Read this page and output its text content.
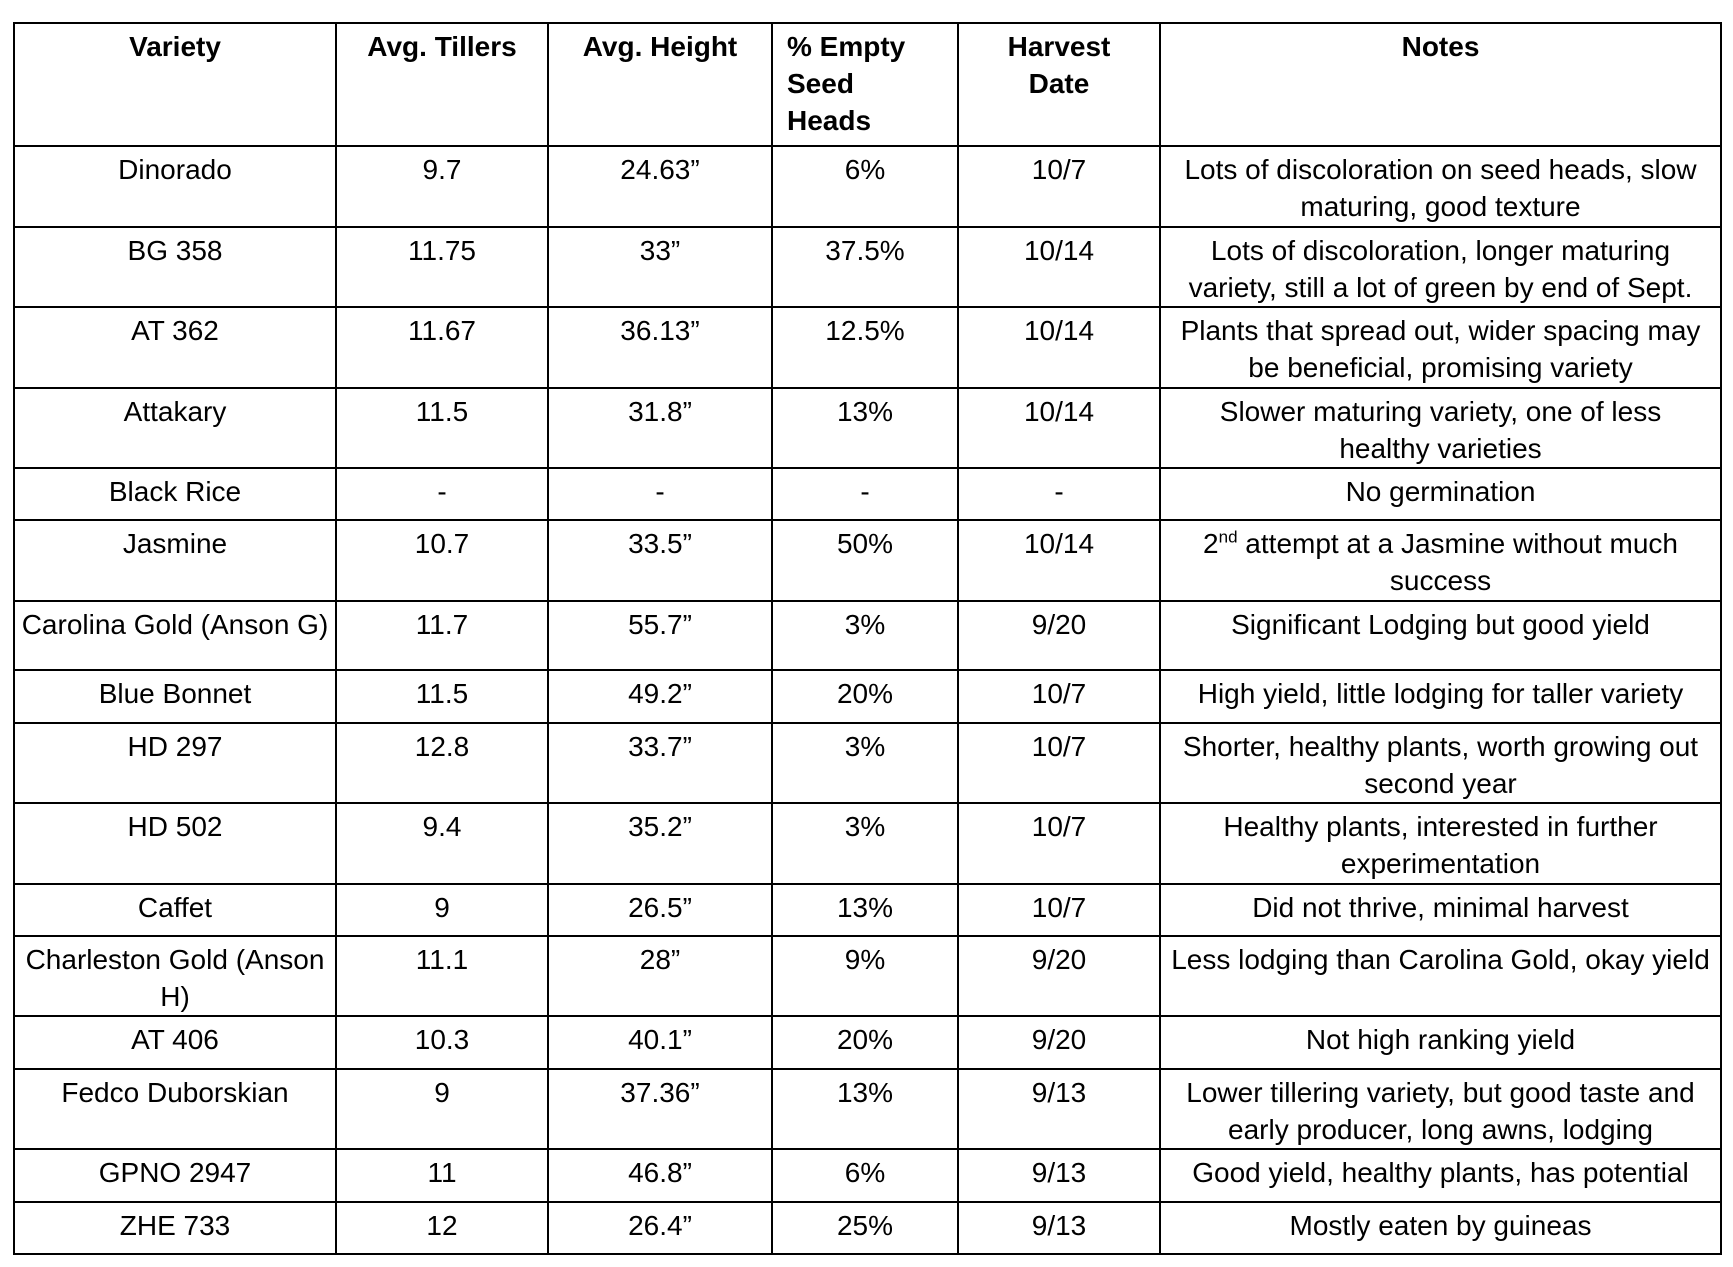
Variety	Avg. Tillers	Avg. Height	% Empty Seed Heads	Harvest Date	Notes
Dinorado	9.7	24.63”	6%	10/7	Lots of discoloration on seed heads, slow maturing, good texture
BG 358	11.75	33”	37.5%	10/14	Lots of discoloration, longer maturing variety, still a lot of green by end of Sept.
AT 362	11.67	36.13”	12.5%	10/14	Plants that spread out, wider spacing may be beneficial, promising variety
Attakary	11.5	31.8”	13%	10/14	Slower maturing variety, one of less healthy varieties
Black Rice	-	-	-	-	No germination
Jasmine	10.7	33.5”	50%	10/14	2nd attempt at a Jasmine without much success
Carolina Gold (Anson G)	11.7	55.7”	3%	9/20	Significant Lodging but good yield
Blue Bonnet	11.5	49.2”	20%	10/7	High yield, little lodging for taller variety
HD 297	12.8	33.7”	3%	10/7	Shorter, healthy plants, worth growing out second year
HD 502	9.4	35.2”	3%	10/7	Healthy plants, interested in further experimentation
Caffet	9	26.5”	13%	10/7	Did not thrive, minimal harvest
Charleston Gold (Anson H)	11.1	28”	9%	9/20	Less lodging than Carolina Gold, okay yield
AT 406	10.3	40.1”	20%	9/20	Not high ranking yield
Fedco Duborskian	9	37.36”	13%	9/13	Lower tillering variety, but good taste and early producer, long awns, lodging
GPNO 2947	11	46.8”	6%	9/13	Good yield, healthy plants, has potential
ZHE 733	12	26.4”	25%	9/13	Mostly eaten by guineas
